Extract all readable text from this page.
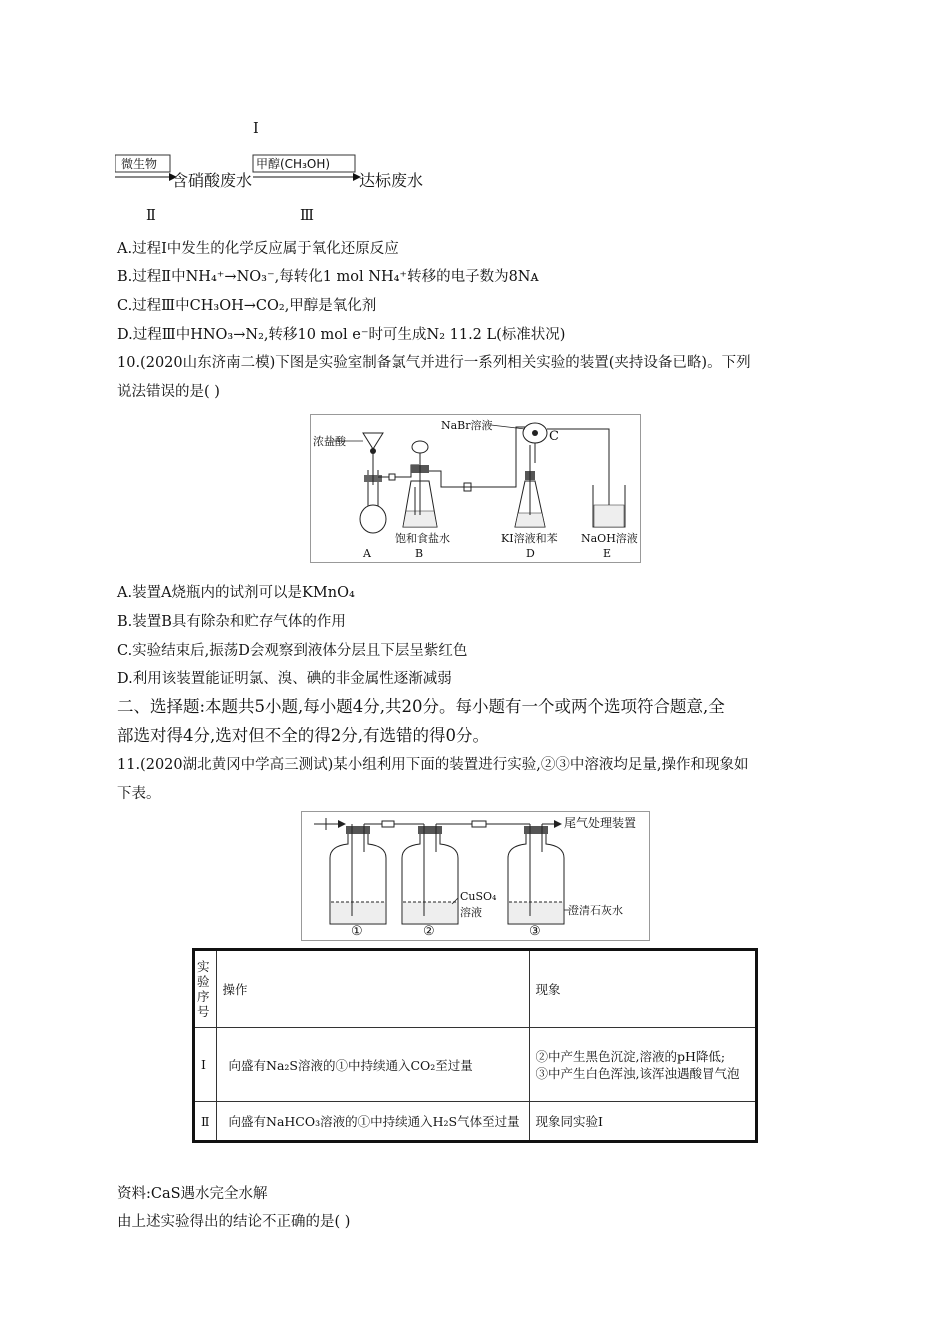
Ⅰ
微生物
含硝酸废水
甲醇(CH₃OH)
达标废水
Ⅱ	Ⅲ
A.过程Ⅰ中发生的化学反应属于氧化还原反应
B.过程Ⅱ中NH₄⁺→NO₃⁻,每转化1 mol NH₄⁺转移的电子数为8Nᴀ
C.过程Ⅲ中CH₃OH→CO₂,甲醇是氧化剂
D.过程Ⅲ中HNO₃→N₂,转移10 mol e⁻时可生成N₂ 11.2 L(标准状况)
10.(2020山东济南二模)下图是实验室制备氯气并进行一系列相关实验的装置(夹持设备已略)。下列
说法错误的是( )
浓盐酸
NaBr溶液
C
饱和食盐水	KI溶液和苯 NaOH溶液
A	B	D	E
A.装置A烧瓶内的试剂可以是KMnO₄
B.装置B具有除杂和贮存气体的作用
C.实验结束后,振荡D会观察到液体分层且下层呈紫红色
D.利用该装置能证明氯、溴、碘的非金属性逐渐减弱
二、选择题:本题共5小题,每小题4分,共20分。每小题有一个或两个选项符合题意,全
部选对得4分,选对但不全的得2分,有选错的得0分。
11.(2020湖北黄冈中学高三测试)某小组利用下面的装置进行实验,②③中溶液均足量,操作和现象如
下表。
尾气处理装置
CuSO₄
溶液	澄清石灰水
①	②	③
实验序号	操作	现象
Ⅰ	向盛有Na₂S溶液的①中持续通入CO₂至过量	②中产生黑色沉淀,溶液的pH降低;
③中产生白色浑浊,该浑浊遇酸冒气泡

Ⅱ	向盛有NaHCO₃溶液的①中持续通入H₂S气体至过量	现象同实验Ⅰ
资料:CaS遇水完全水解
由上述实验得出的结论不正确的是( )
